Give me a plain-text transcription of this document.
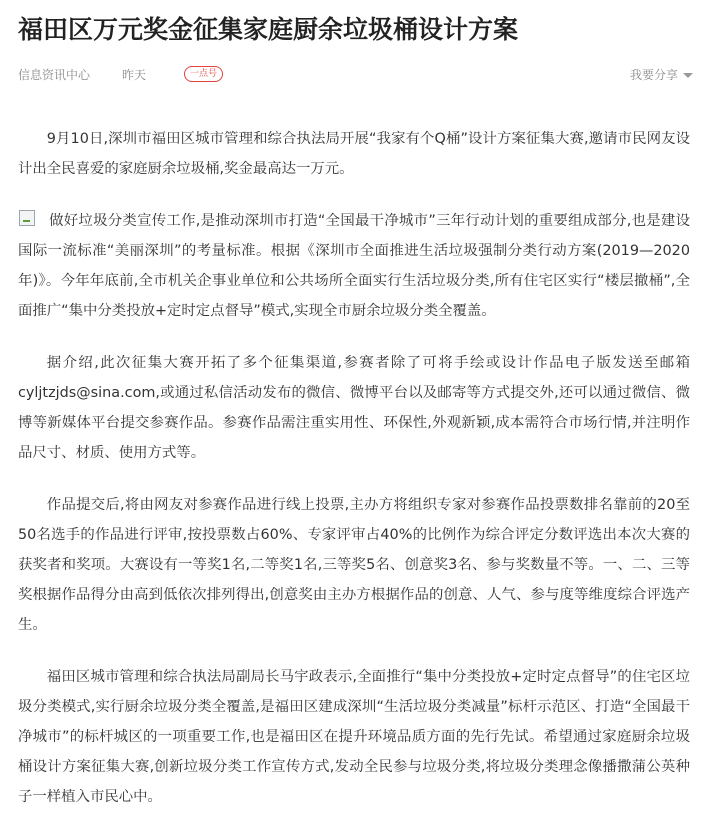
福田区万元奖金征集家庭厨余垃圾桶设计方案
信息资讯中心	昨天	一点号	我要分享

9月10日,深圳市福田区城市管理和综合执法局开展“我家有个Q桶”设计方案征集大赛,邀请市民网友设计出全民喜爱的家庭厨余垃圾桶,奖金最高达一万元。

做好垃圾分类宣传工作,是推动深圳市打造“全国最干净城市”三年行动计划的重要组成部分,也是建设国际一流标准“美丽深圳”的考量标准。根据《深圳市全面推进生活垃圾强制分类行动方案(2019—2020年)》。今年年底前,全市机关企事业单位和公共场所全面实行生活垃圾分类,所有住宅区实行“楼层撤桶”,全面推广“集中分类投放+定时定点督导”模式,实现全市厨余垃圾分类全覆盖。

据介绍,此次征集大赛开拓了多个征集渠道,参赛者除了可将手绘或设计作品电子版发送至邮箱cyljtzjds@sina.com,或通过私信活动发布的微信、微博平台以及邮寄等方式提交外,还可以通过微信、微博等新媒体平台提交参赛作品。参赛作品需注重实用性、环保性,外观新颖,成本需符合市场行情,并注明作品尺寸、材质、使用方式等。

作品提交后,将由网友对参赛作品进行线上投票,主办方将组织专家对参赛作品投票数排名靠前的20至50名选手的作品进行评审,按投票数占60%、专家评审占40%的比例作为综合评定分数评选出本次大赛的获奖者和奖项。大赛设有一等奖1名,二等奖1名,三等奖5名、创意奖3名、参与奖数量不等。一、二、三等奖根据作品得分由高到低依次排列得出,创意奖由主办方根据作品的创意、人气、参与度等维度综合评选产生。

福田区城市管理和综合执法局副局长马宇政表示,全面推行“集中分类投放+定时定点督导”的住宅区垃圾分类模式,实行厨余垃圾分类全覆盖,是福田区建成深圳“生活垃圾分类减量”标杆示范区、打造“全国最干净城市”的标杆城区的一项重要工作,也是福田区在提升环境品质方面的先行先试。希望通过家庭厨余垃圾桶设计方案征集大赛,创新垃圾分类工作宣传方式,发动全民参与垃圾分类,将垃圾分类理念像播撒蒲公英种子一样植入市民心中。
